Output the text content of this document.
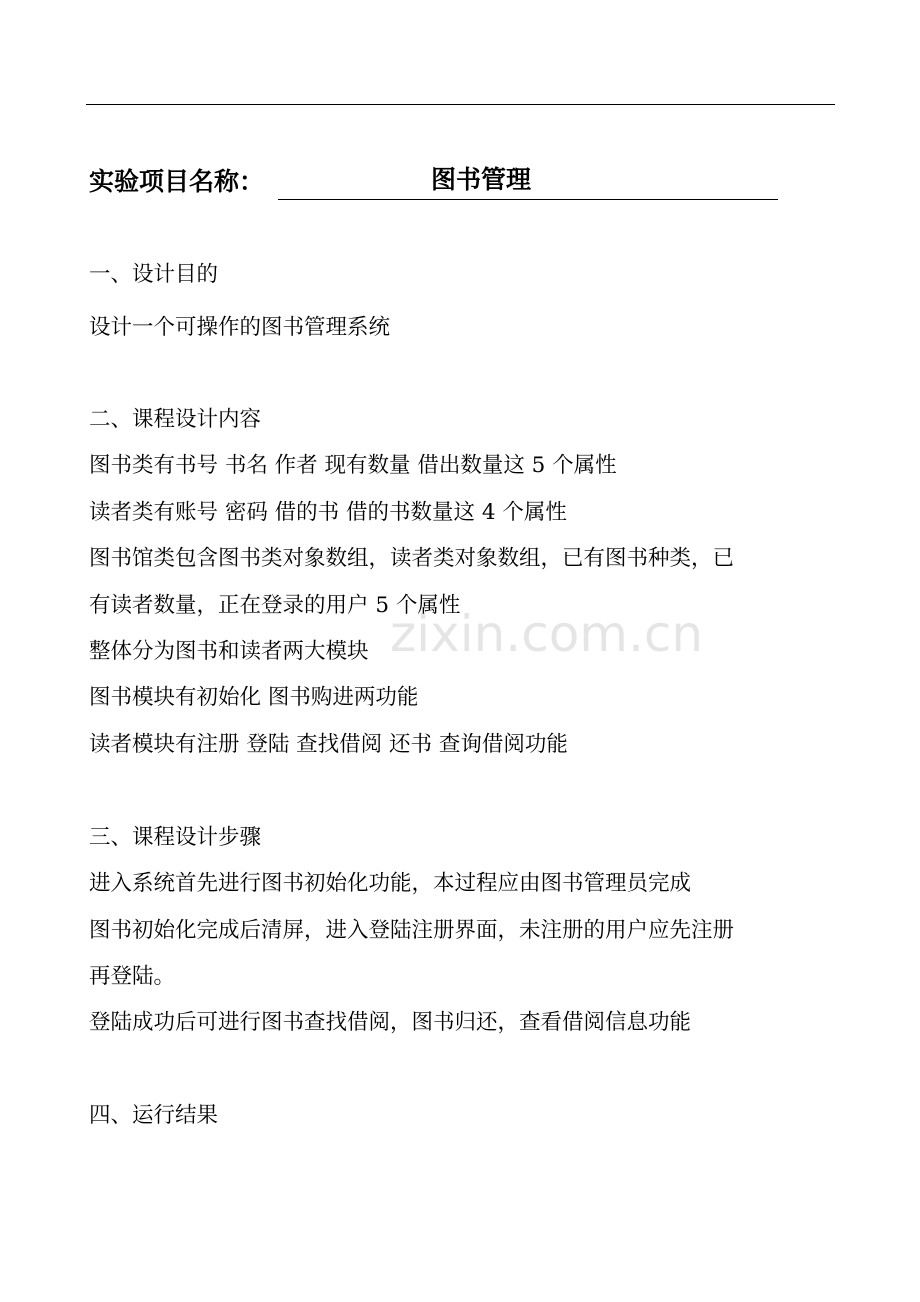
实验项目名称：	图书管理
一、设计目的
设计一个可操作的图书管理系统
二、课程设计内容
图书类有书号 书名 作者 现有数量 借出数量这 5 个属性
读者类有账号 密码 借的书 借的书数量这 4 个属性
图书馆类包含图书类对象数组，读者类对象数组，已有图书种类，已
有读者数量，正在登录的用户 5 个属性
整体分为图书和读者两大模块
图书模块有初始化 图书购进两功能
读者模块有注册 登陆 查找借阅 还书 查询借阅功能
三、课程设计步骤
进入系统首先进行图书初始化功能，本过程应由图书管理员完成
图书初始化完成后清屏，进入登陆注册界面，未注册的用户应先注册
再登陆。
登陆成功后可进行图书查找借阅，图书归还，查看借阅信息功能
四、运行结果
zixin.com.cn
